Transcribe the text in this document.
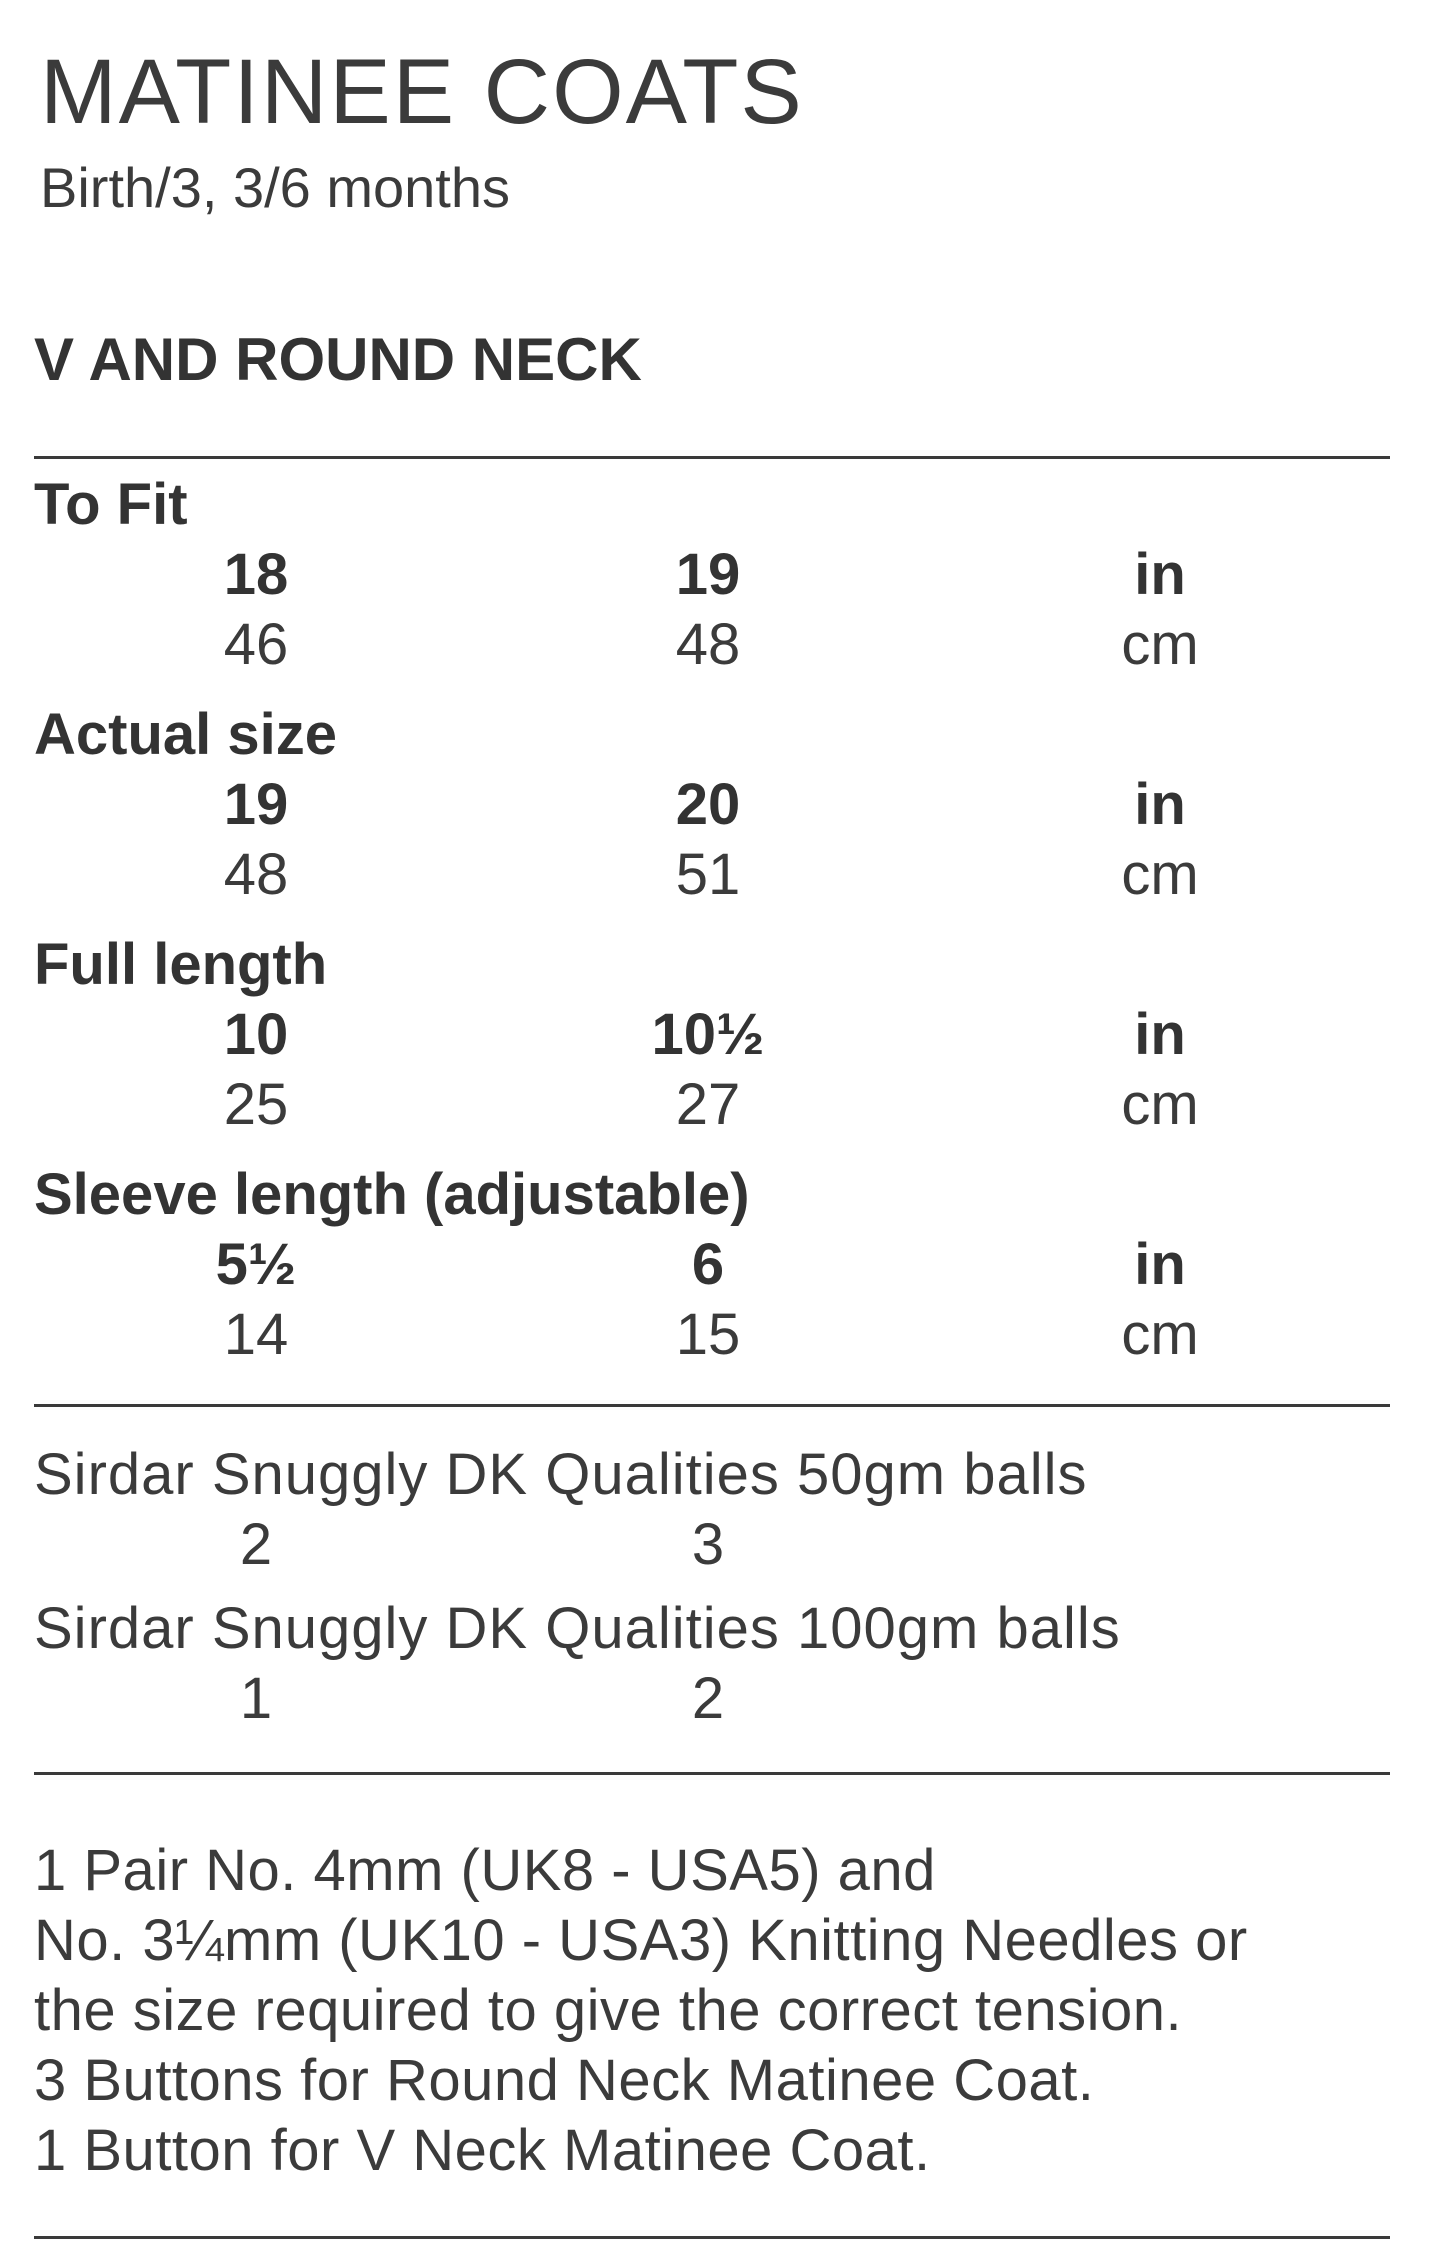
MATINEE COATS
Birth/3, 3/6 months
V AND ROUND NECK
To Fit
18	19	in
46	48	cm
Actual size
19	20	in
48	51	cm
Full length
10	10½	in
25	27	cm
Sleeve length (adjustable)
5½	6	in
14	15	cm
Sirdar Snuggly DK Qualities 50gm balls
2	3
Sirdar Snuggly DK Qualities 100gm balls
1	2
1 Pair No. 4mm (UK8 - USA5) and
No. 3¼mm (UK10 - USA3) Knitting Needles or
the size required to give the correct tension.
3 Buttons for Round Neck Matinee Coat.
1 Button for V Neck Matinee Coat.
